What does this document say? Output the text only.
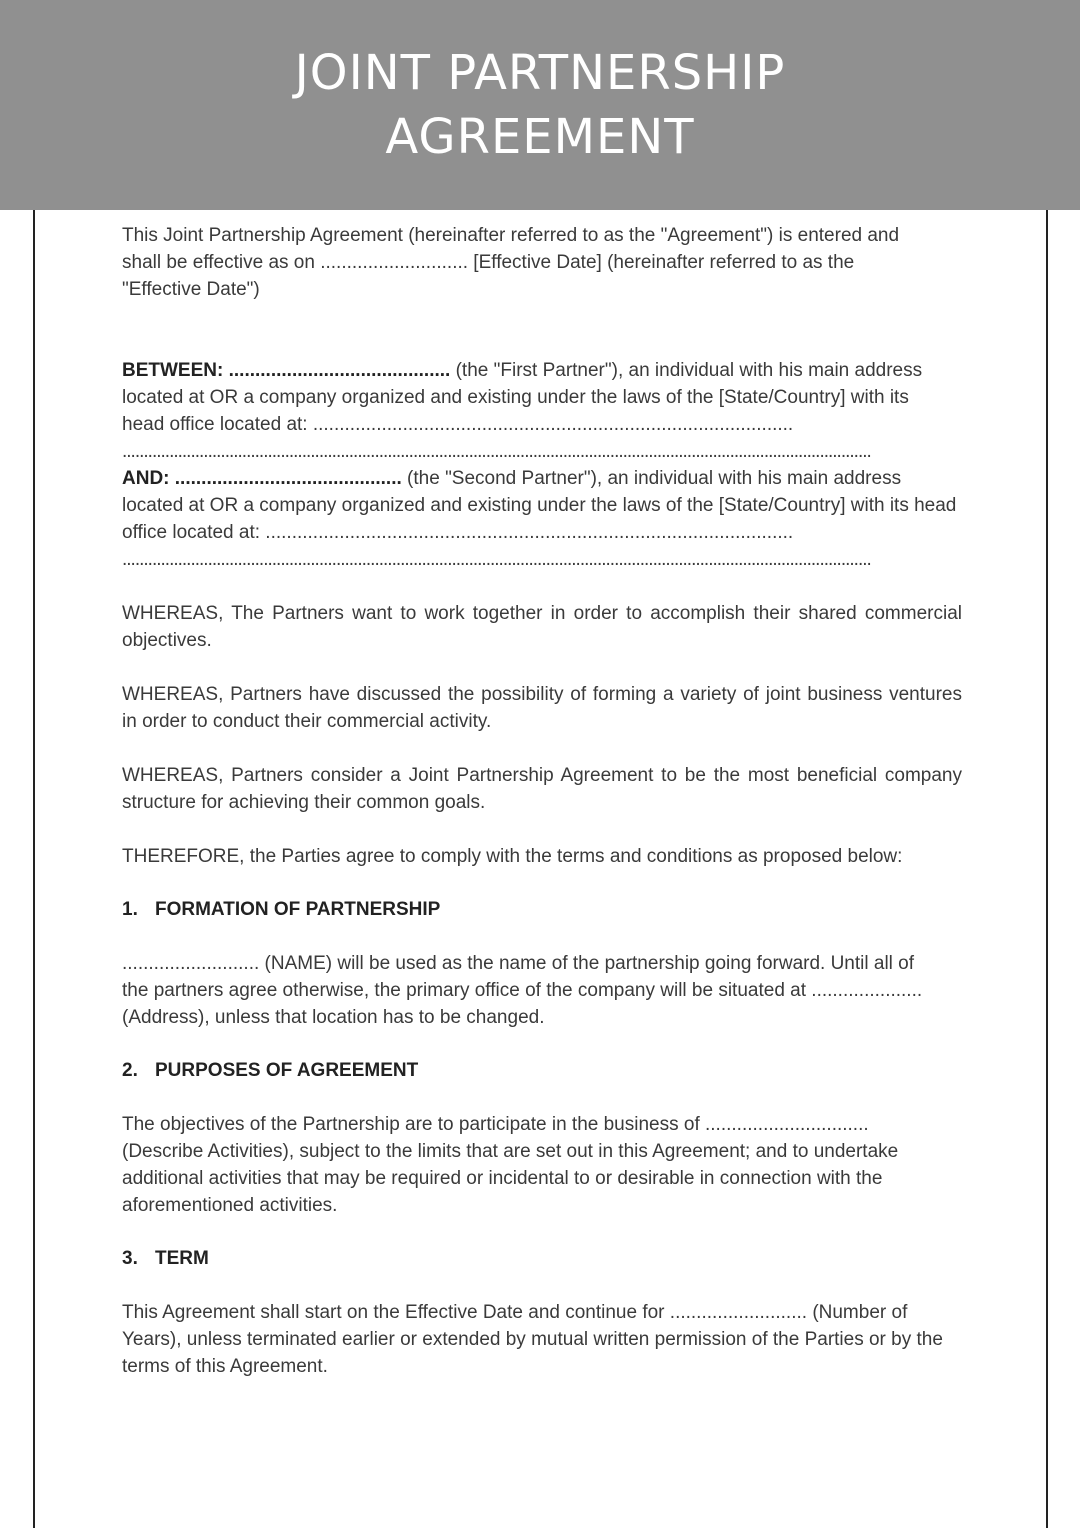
JOINT PARTNERSHIP
AGREEMENT

This Joint Partnership Agreement (hereinafter referred to as the "Agreement") is entered and shall be effective as on ............................ [Effective Date] (hereinafter referred to as the "Effective Date")

BETWEEN: .......................................... (the "First Partner"), an individual with his main address located at OR a company organized and existing under the laws of the [State/Country] with its head office located at: ...........................................................................................
...............................................................................................................................................................................
AND: ........................................... (the "Second Partner"), an individual with his main address located at OR a company organized and existing under the laws of the [State/Country] with its head office located at: ....................................................................................................
...............................................................................................................................................................................

WHEREAS, The Partners want to work together in order to accomplish their shared commercial objectives.

WHEREAS, Partners have discussed the possibility of forming a variety of joint business ventures in order to conduct their commercial activity.

WHEREAS, Partners consider a Joint Partnership Agreement to be the most beneficial company structure for achieving their common goals.

THEREFORE, the Parties agree to comply with the terms and conditions as proposed below:

1. FORMATION OF PARTNERSHIP

.......................... (NAME) will be used as the name of the partnership going forward. Until all of the partners agree otherwise, the primary office of the company will be situated at .....................(Address), unless that location has to be changed.

2. PURPOSES OF AGREEMENT

The objectives of the Partnership are to participate in the business of ............................... (Describe Activities), subject to the limits that are set out in this Agreement; and to undertake additional activities that may be required or incidental to or desirable in connection with the aforementioned activities.

3. TERM

This Agreement shall start on the Effective Date and continue for .......................... (Number of Years), unless terminated earlier or extended by mutual written permission of the Parties or by the terms of this Agreement.
